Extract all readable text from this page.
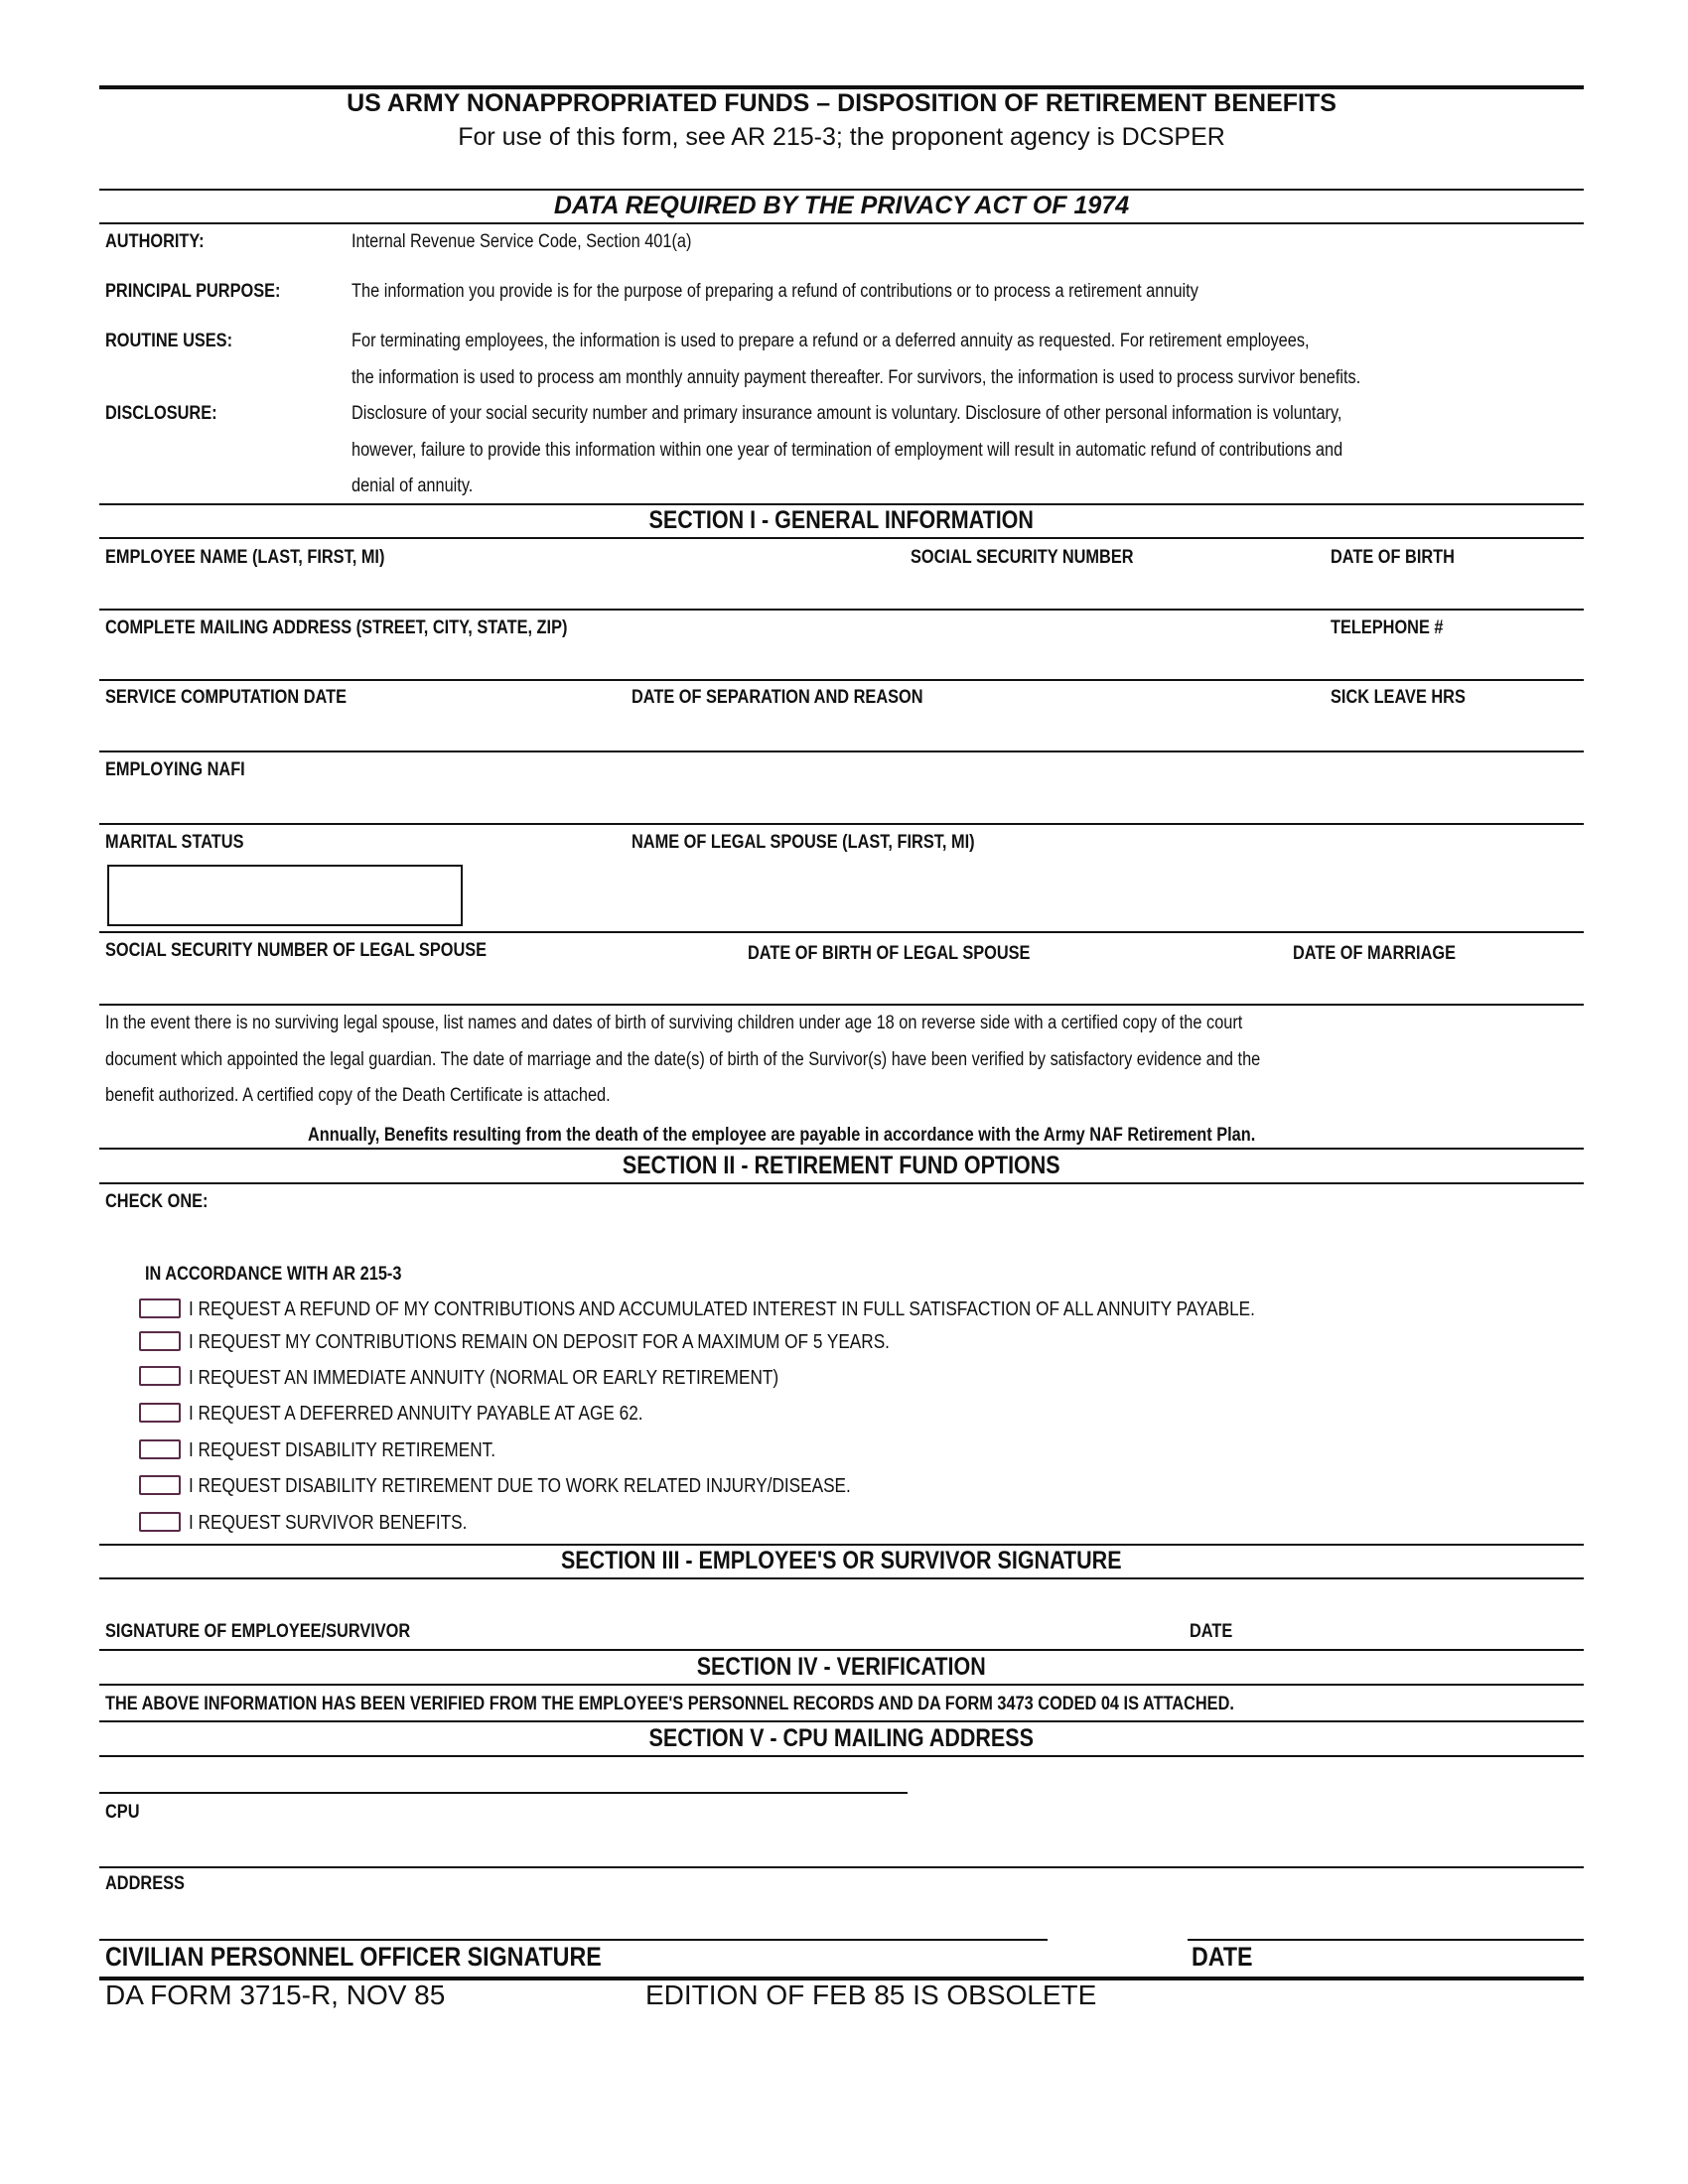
US ARMY NONAPPROPRIATED FUNDS – DISPOSITION OF RETIREMENT BENEFITS
For use of this form, see AR 215-3; the proponent agency is DCSPER
DATA REQUIRED BY THE PRIVACY ACT OF 1974
AUTHORITY:	Internal Revenue Service Code, Section 401(a)
PRINCIPAL PURPOSE:	The information you provide is for the purpose of preparing a refund of contributions or to process a retirement annuity
ROUTINE USES:	For terminating employees, the information is used to prepare a refund or a deferred annuity as requested. For retirement employees,
the information is used to process am monthly annuity payment thereafter. For survivors, the information is used to process survivor benefits.
DISCLOSURE:	Disclosure of your social security number and primary insurance amount is voluntary. Disclosure of other personal information is voluntary,
however, failure to provide this information within one year of termination of employment will result in automatic refund of contributions and
denial of annuity.
SECTION I - GENERAL INFORMATION
EMPLOYEE NAME (LAST, FIRST, MI)	SOCIAL SECURITY NUMBER	DATE OF BIRTH
COMPLETE MAILING ADDRESS (STREET, CITY, STATE, ZIP)	TELEPHONE #
SERVICE COMPUTATION DATE	DATE OF SEPARATION AND REASON	SICK LEAVE HRS
EMPLOYING NAFI
MARITAL STATUS	NAME OF LEGAL SPOUSE (LAST, FIRST, MI)
SOCIAL SECURITY NUMBER OF LEGAL SPOUSE	DATE OF BIRTH OF LEGAL SPOUSE	DATE OF MARRIAGE
In the event there is no surviving legal spouse, list names and dates of birth of surviving children under age 18 on reverse side with a certified copy of the court
document which appointed the legal guardian. The date of marriage and the date(s) of birth of the Survivor(s) have been verified by satisfactory evidence and the
benefit authorized. A certified copy of the Death Certificate is attached.
Annually, Benefits resulting from the death of the employee are payable in accordance with the Army NAF Retirement Plan.
SECTION II - RETIREMENT FUND OPTIONS
CHECK ONE:
IN ACCORDANCE WITH AR 215-3
I REQUEST A REFUND OF MY CONTRIBUTIONS AND ACCUMULATED INTEREST IN FULL SATISFACTION OF ALL ANNUITY PAYABLE.
I REQUEST MY CONTRIBUTIONS REMAIN ON DEPOSIT FOR A MAXIMUM OF 5 YEARS.
I REQUEST AN IMMEDIATE ANNUITY (NORMAL OR EARLY RETIREMENT)
I REQUEST A DEFERRED ANNUITY PAYABLE AT AGE 62.
I REQUEST DISABILITY RETIREMENT.
I REQUEST DISABILITY RETIREMENT DUE TO WORK RELATED INJURY/DISEASE.
I REQUEST SURVIVOR BENEFITS.
SECTION III - EMPLOYEE'S OR SURVIVOR SIGNATURE
SIGNATURE OF EMPLOYEE/SURVIVOR	DATE
SECTION IV - VERIFICATION
THE ABOVE INFORMATION HAS BEEN VERIFIED FROM THE EMPLOYEE'S PERSONNEL RECORDS AND DA FORM 3473 CODED 04 IS ATTACHED.
SECTION V - CPU MAILING ADDRESS
CPU
ADDRESS
CIVILIAN PERSONNEL OFFICER SIGNATURE	DATE
DA FORM 3715-R, NOV 85	EDITION OF FEB 85 IS OBSOLETE
